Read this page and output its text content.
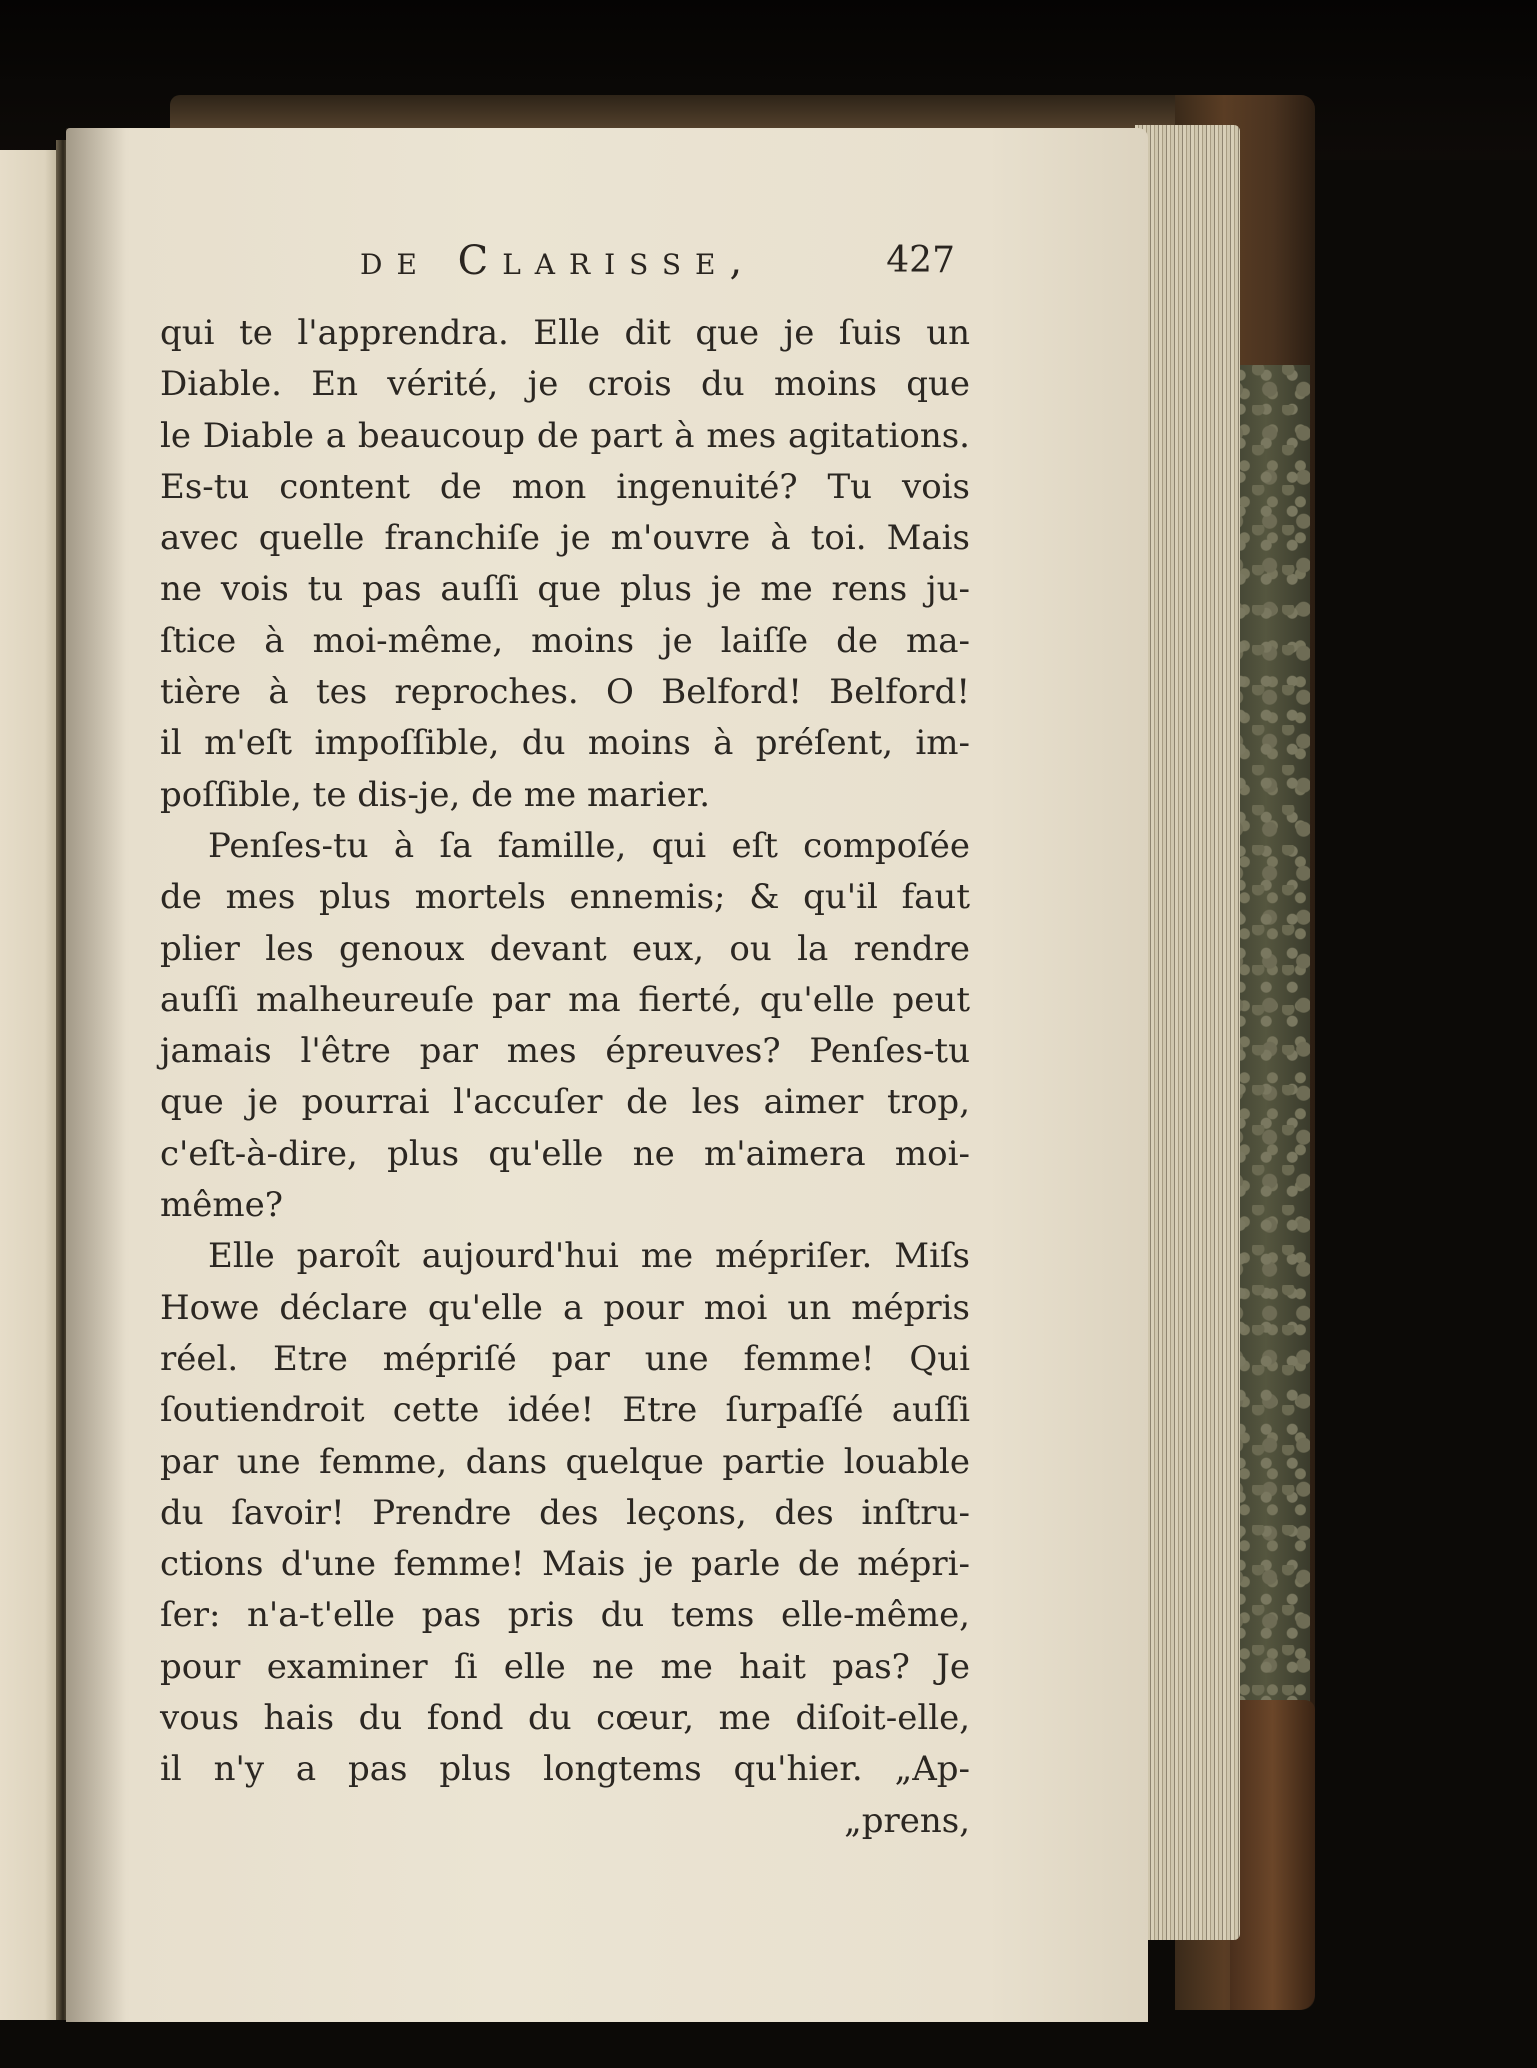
de Clarisse,	427
qui te l'apprendra. Elle dit que je ſuis un
Diable. En vérité, je crois du moins que
le Diable a beaucoup de part à mes agitations.
Es-tu content de mon ingenuité? Tu vois
avec quelle franchiſe je m'ouvre à toi. Mais
ne vois tu pas auſſi que plus je me rens ju-
ſtice à moi-même, moins je laiſſe de ma-
tière à tes reproches. O Belford! Belford!
il m'eſt impoſſible, du moins à préſent, im-
poſſible, te dis-je, de me marier.
Penſes-tu à ſa famille, qui eſt compoſée
de mes plus mortels ennemis; & qu'il faut
plier les genoux devant eux, ou la rendre
auſſi malheureuſe par ma fierté, qu'elle peut
jamais l'être par mes épreuves? Penſes-tu
que je pourrai l'accuſer de les aimer trop,
c'eſt-à-dire, plus qu'elle ne m'aimera moi-
même?
Elle paroît aujourd'hui me mépriſer. Miſs
Howe déclare qu'elle a pour moi un mépris
réel. Etre mépriſé par une femme! Qui
ſoutiendroit cette idée! Etre ſurpaſſé auſſi
par une femme, dans quelque partie louable
du ſavoir! Prendre des leçons, des inſtru-
ctions d'une femme! Mais je parle de mépri-
ſer: n'a-t'elle pas pris du tems elle-même,
pour examiner ſi elle ne me hait pas? Je
vous hais du fond du cœur, me diſoit-elle,
il n'y a pas plus longtems qu'hier. „Ap-
„prens,
